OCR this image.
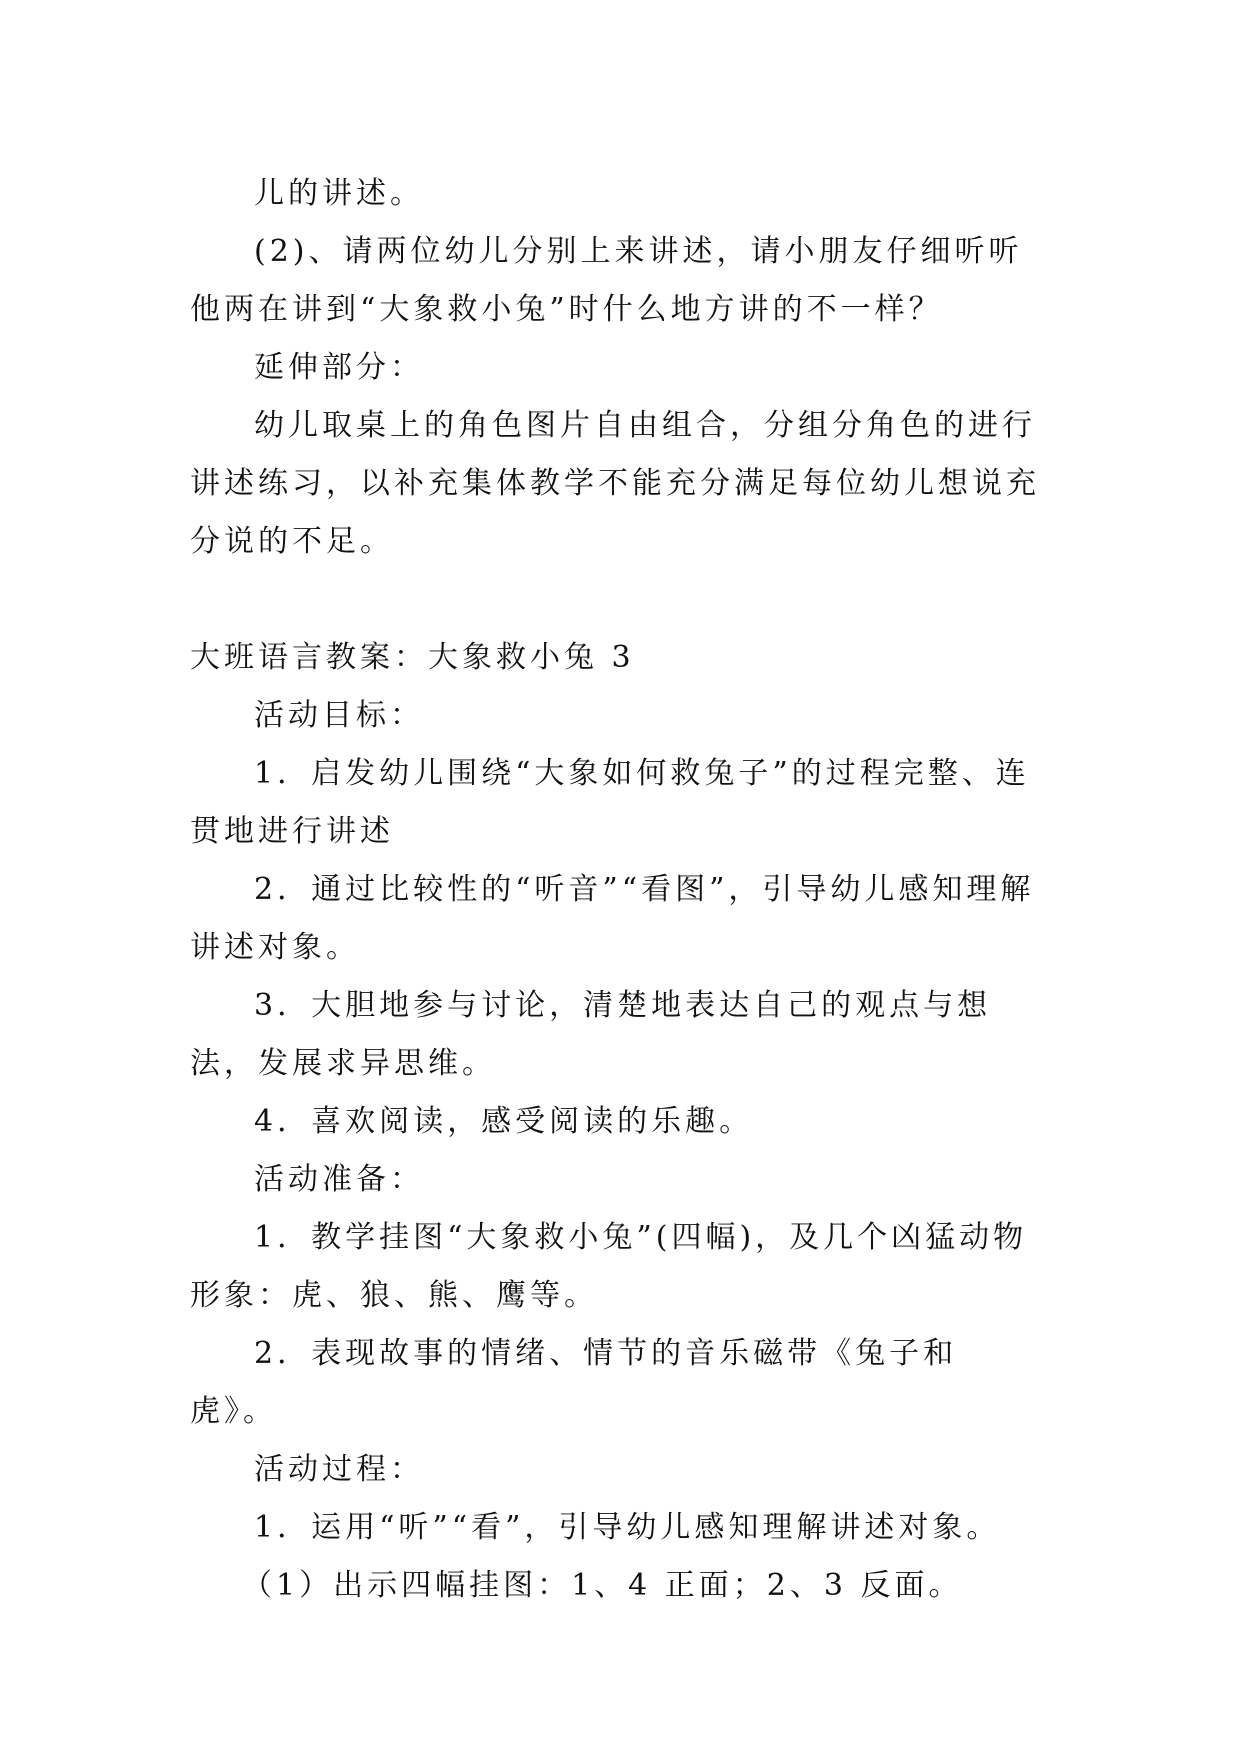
儿的讲述。

(2)、请两位幼儿分别上来讲述，请小朋友仔细听听他两在讲到“大象救小兔”时什么地方讲的不一样？

延伸部分：

幼儿取桌上的角色图片自由组合，分组分角色的进行讲述练习，以补充集体教学不能充分满足每位幼儿想说充分说的不足。

大班语言教案：大象救小兔 3

活动目标：

1．启发幼儿围绕“大象如何救兔子”的过程完整、连贯地进行讲述

2．通过比较性的“听音”“看图”，引导幼儿感知理解讲述对象。

3．大胆地参与讨论，清楚地表达自己的观点与想法，发展求异思维。

4．喜欢阅读，感受阅读的乐趣。

活动准备：

1．教学挂图“大象救小兔”(四幅)，及几个凶猛动物形象：虎、狼、熊、鹰等。

2．表现故事的情绪、情节的音乐磁带《兔子和虎》。

活动过程：

1．运用“听”“看”，引导幼儿感知理解讲述对象。

（1）出示四幅挂图：1、4 正面；2、3 反面。
